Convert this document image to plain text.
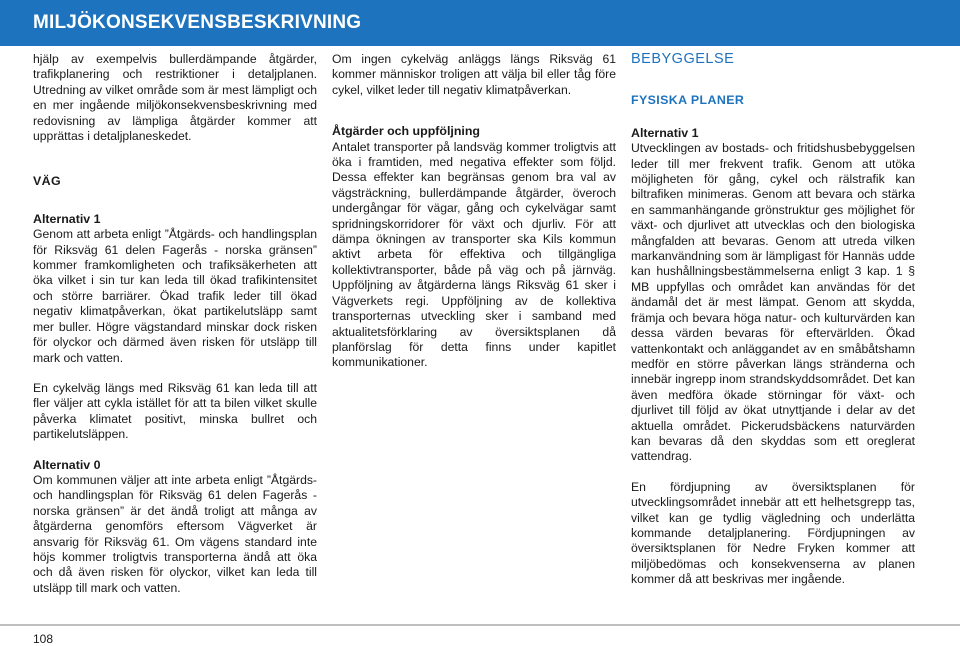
MILJÖKONSEKVENSBESKRIVNING

hjälp av exempelvis bullerdämpande åtgärder, trafikplanering och restriktioner i detaljplanen. Utredning av vilket område som är mest lämpligt och en mer ingående miljökonsekvensbeskrivning med redovisning av lämpliga åtgärder kommer att upprättas i detaljplaneskedet.

VÄG

Alternativ 1

Genom att arbeta enligt ”Åtgärds- och handlingsplan för Riksväg 61 delen Fagerås - norska gränsen” kommer framkomligheten och trafiksäkerheten att öka vilket i sin tur kan leda till ökad trafikintensitet och större barriärer. Ökad trafik leder till ökad negativ klimatpåverkan, ökat partikelutsläpp samt mer buller. Högre vägstandard minskar dock risken för olyckor och därmed även risken för utsläpp till mark och vatten.

En cykelväg längs med Riksväg 61 kan leda till att fler väljer att cykla istället för att ta bilen vilket skulle påverka klimatet positivt, minska bullret och partikelutsläppen.

Alternativ 0

Om kommunen väljer att inte arbeta enligt ”Åtgärds- och handlingsplan för Riksväg 61 delen Fagerås - norska gränsen” är det ändå troligt att många av åtgärderna genomförs eftersom Vägverket är ansvarig för Riksväg 61. Om vägens standard inte höjs kommer troligtvis transporterna ändå att öka och då även risken för olyckor, vilket kan leda till utsläpp till mark och vatten.

Om ingen cykelväg anläggs längs Riksväg 61 kommer människor troligen att välja bil eller tåg före cykel, vilket leder till negativ klimatpåverkan.

Åtgärder och uppföljning

Antalet transporter på landsväg kommer troligtvis att öka i framtiden, med negativa effekter som följd. Dessa effekter kan begränsas genom bra val av vägsträckning, bullerdämpande åtgärder, överoch undergångar för vägar, gång och cykelvägar samt spridningskorridorer för växt och djurliv. För att dämpa ökningen av transporter ska Kils kommun aktivt arbeta för effektiva och tillgängliga kollektivtransporter, både på väg och på järnväg. Uppföljning av åtgärderna längs Riksväg 61 sker i Vägverkets regi. Uppföljning av de kollektiva transporternas utveckling sker i samband med aktualitetsförklaring av översiktsplanen då planförslag för detta finns under kapitlet kommunikationer.

BEBYGGELSE

FYSISKA PLANER

Alternativ 1

Utvecklingen av bostads- och fritidshusbebyggelsen leder till mer frekvent trafik. Genom att utöka möjligheten för gång, cykel och rälstrafik kan biltrafiken minimeras. Genom att bevara och stärka en sammanhängande grönstruktur ges möjlighet för växt- och djurlivet att utvecklas och den biologiska mångfalden att bevaras. Genom att utreda vilken markanvändning som är lämpligast för Hannäs udde kan hushållningsbestämmelserna enligt 3 kap. 1 § MB uppfyllas och området kan användas för det ändamål det är mest lämpat. Genom att skydda, främja och bevara höga natur- och kulturvärden kan dessa värden bevaras för eftervärlden. Ökad vattenkontakt och anläggandet av en småbåtshamn medför en större påverkan längs stränderna och innebär ingrepp inom strandskyddsområdet. Det kan även medföra ökade störningar för växt- och djurlivet till följd av ökat utnyttjande i delar av det aktuella området. Pickerudsbäckens naturvärden kan bevaras då den skyddas som ett oreglerat vattendrag.

En fördjupning av översiktsplanen för utvecklingsområdet innebär att ett helhetsgrepp tas, vilket kan ge tydlig vägledning och underlätta kommande detaljplanering. Fördjupningen av översiktsplanen för Nedre Fryken kommer att miljöbedömas och konsekvenserna av planen kommer då att beskrivas mer ingående.

108
